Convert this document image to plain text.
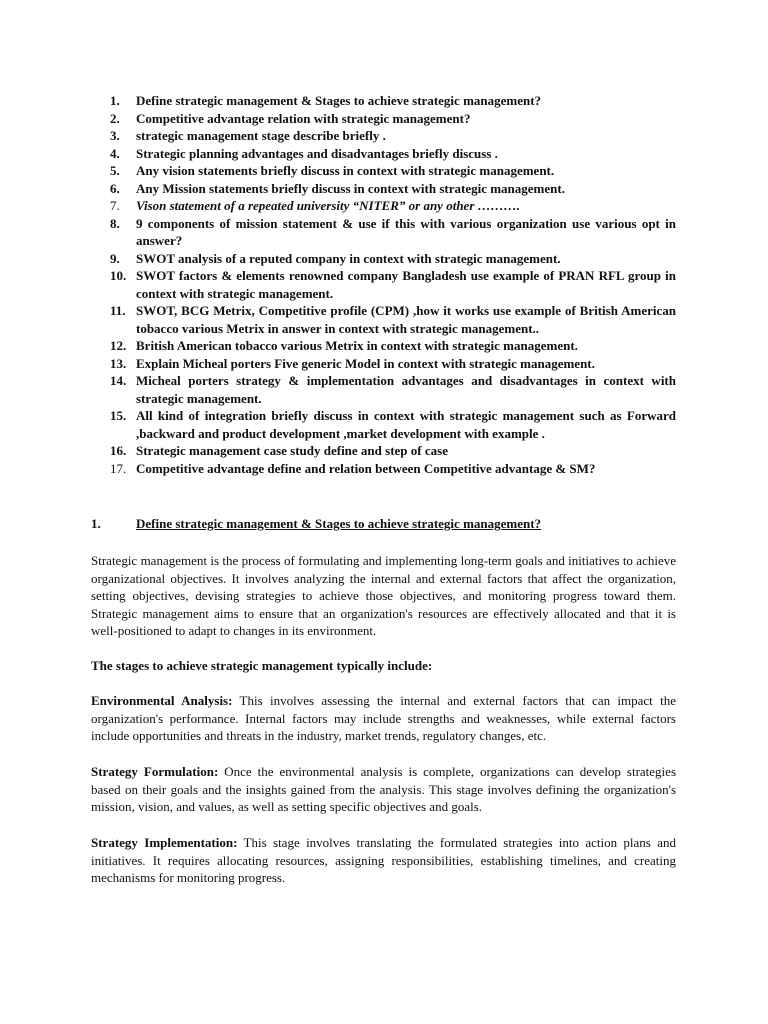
1. Define strategic management & Stages to achieve strategic management?
2. Competitive advantage relation with strategic management?
3. strategic management stage describe briefly .
4. Strategic planning advantages and disadvantages briefly discuss .
5. Any vision statements briefly discuss in context with strategic management.
6. Any Mission statements briefly discuss in context with strategic management.
7. Vison statement of a repeated university “NITER” or any other ……….
8. 9 components of mission statement & use if this with various organization use various opt in answer?
9. SWOT analysis of a reputed company in context with strategic management.
10. SWOT factors & elements renowned company Bangladesh use example of PRAN RFL group in context with strategic management.
11. SWOT, BCG Metrix, Competitive profile (CPM) ,how it works use example of British American tobacco various Metrix in answer in context with strategic management..
12. British American tobacco various Metrix in context with strategic management.
13. Explain Micheal porters Five generic Model in context with strategic management.
14. Micheal porters strategy & implementation advantages and disadvantages in context with strategic management.
15. All kind of integration briefly discuss in context with strategic management such as Forward ,backward and product development ,market development with example .
16. Strategic management case study define and step of case
17. Competitive advantage define and relation between Competitive advantage & SM?
1.	Define strategic management & Stages to achieve strategic management?

Strategic management is the process of formulating and implementing long-term goals and initiatives to achieve organizational objectives. It involves analyzing the internal and external factors that affect the organization, setting objectives, devising strategies to achieve those objectives, and monitoring progress toward them. Strategic management aims to ensure that an organization's resources are effectively allocated and that it is well-positioned to adapt to changes in its environment.

The stages to achieve strategic management typically include:

Environmental Analysis: This involves assessing the internal and external factors that can impact the organization's performance. Internal factors may include strengths and weaknesses, while external factors include opportunities and threats in the industry, market trends, regulatory changes, etc.

Strategy Formulation: Once the environmental analysis is complete, organizations can develop strategies based on their goals and the insights gained from the analysis. This stage involves defining the organization's mission, vision, and values, as well as setting specific objectives and goals.

Strategy Implementation: This stage involves translating the formulated strategies into action plans and initiatives. It requires allocating resources, assigning responsibilities, establishing timelines, and creating mechanisms for monitoring progress.
